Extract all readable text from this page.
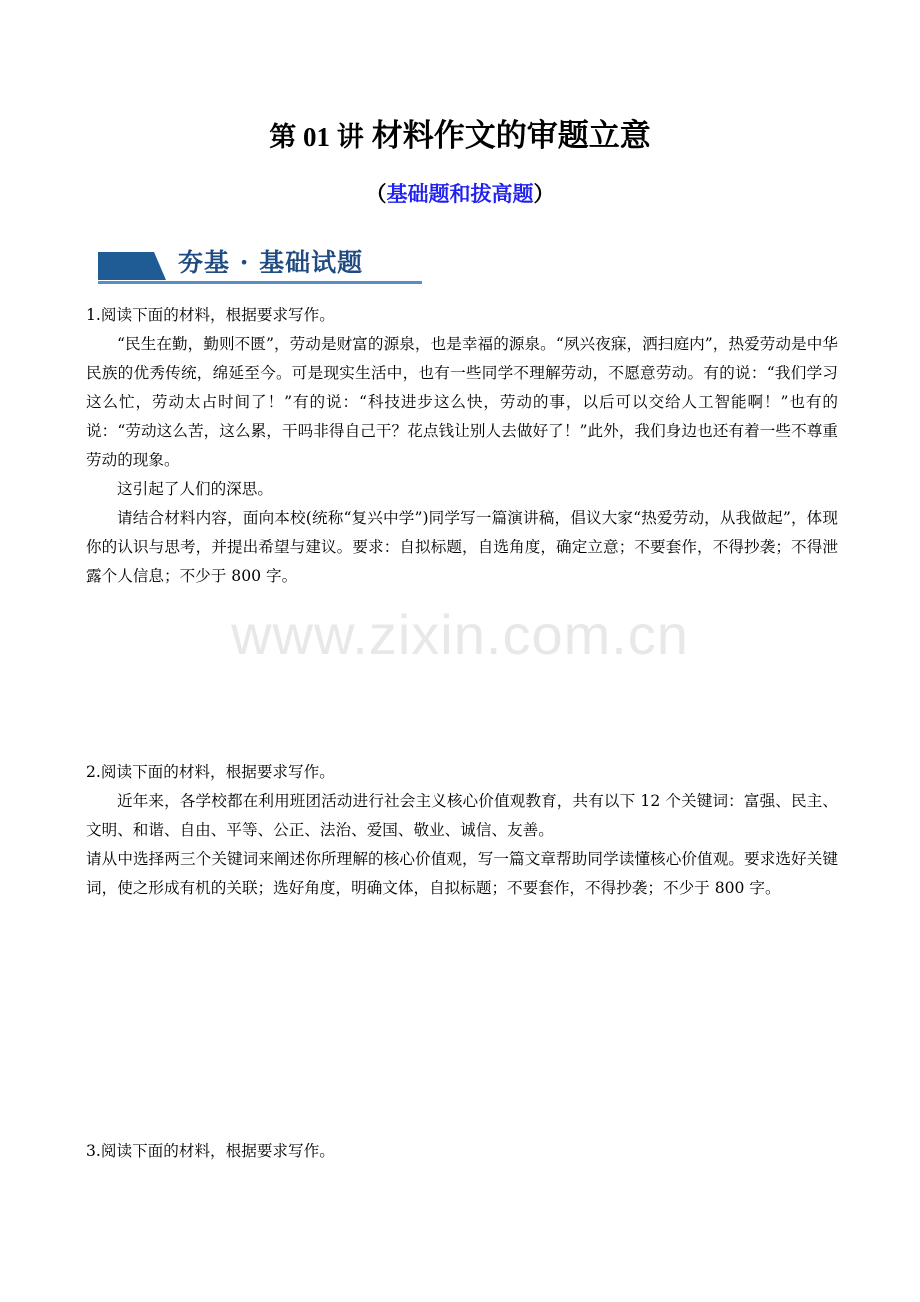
第 01 讲 材料作文的审题立意
（基础题和拔高题）
夯基 · 基础试题
www.zixin.com.cn

1.阅读下面的材料，根据要求写作。

“民生在勤，勤则不匮”，劳动是财富的源泉，也是幸福的源泉。“夙兴夜寐，洒扫庭内”，热爱劳动是中华民族的优秀传统，绵延至今。可是现实生活中，也有一些同学不理解劳动，不愿意劳动。有的说：“我们学习这么忙，劳动太占时间了！”有的说：“科技进步这么快，劳动的事，以后可以交给人工智能啊！”也有的说：“劳动这么苦，这么累，干吗非得自己干？花点钱让别人去做好了！”此外，我们身边也还有着一些不尊重劳动的现象。

这引起了人们的深思。

请结合材料内容，面向本校(统称“复兴中学”)同学写一篇演讲稿，倡议大家“热爱劳动，从我做起”，体现你的认识与思考，并提出希望与建议。要求：自拟标题，自选角度，确定立意；不要套作，不得抄袭；不得泄露个人信息；不少于 800 字。

2.阅读下面的材料，根据要求写作。

近年来，各学校都在利用班团活动进行社会主义核心价值观教育，共有以下 12 个关键词：富强、民主、文明、和谐、自由、平等、公正、法治、爱国、敬业、诚信、友善。

请从中选择两三个关键词来阐述你所理解的核心价值观，写一篇文章帮助同学读懂核心价值观。要求选好关键词，使之形成有机的关联；选好角度，明确文体，自拟标题；不要套作，不得抄袭；不少于 800 字。

3.阅读下面的材料，根据要求写作。
